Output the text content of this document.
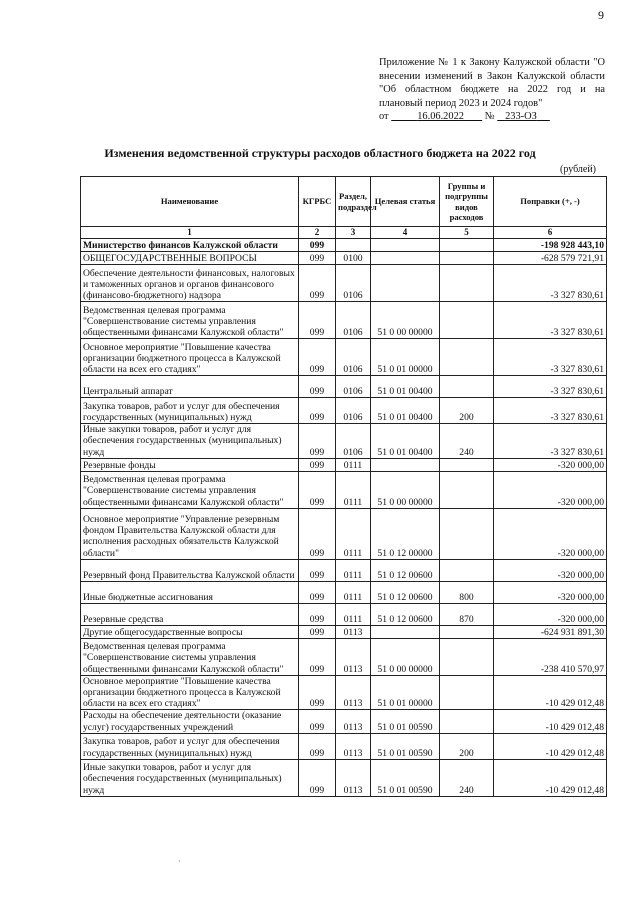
9
Приложение № 1 к Закону Калужской области "О внесении изменений в Закон Калужской области "Об областном бюджете на 2022 год и на плановый период 2023 и 2024 годов"
от	16.06.2022 № 233-ОЗ
Изменения ведомственной структуры расходов областного бюджета на 2022 год
(рублей)
Наименование	КГРБС	Раздел, подраздел	Целевая статья	Группы и подгруппы видов расходов	Поправки (+, -)
1	2	3	4	5	6
Министерство финансов Калужской области	099				-198 928 443,10
ОБЩЕГОСУДАРСТВЕННЫЕ ВОПРОСЫ	099	0100			-628 579 721,91
Обеспечение деятельности финансовых, налоговых и таможенных органов и органов финансового (финансово-бюджетного) надзора	099	0106			-3 327 830,61
Ведомственная целевая программа "Совершенствование системы управления общественными финансами Калужской области"	099	0106	51 0 00 00000		-3 327 830,61
Основное мероприятие "Повышение качества организации бюджетного процесса в Калужской области на всех его стадиях"	099	0106	51 0 01 00000		-3 327 830,61
Центральный аппарат	099	0106	51 0 01 00400		-3 327 830,61
Закупка товаров, работ и услуг для обеспечения государственных (муниципальных) нужд	099	0106	51 0 01 00400	200	-3 327 830,61
Иные закупки товаров, работ и услуг для обеспечения государственных (муниципальных) нужд	099	0106	51 0 01 00400	240	-3 327 830,61
Резервные фонды	099	0111			-320 000,00
Ведомственная целевая программа "Совершенствование системы управления общественными финансами Калужской области"	099	0111	51 0 00 00000		-320 000,00
Основное мероприятие "Управление резервным фондом Правительства Калужской области для исполнения расходных обязательств Калужской области"	099	0111	51 0 12 00000		-320 000,00
Резервный фонд Правительства Калужской области	099	0111	51 0 12 00600		-320 000,00
Иные бюджетные ассигнования	099	0111	51 0 12 00600	800	-320 000,00
Резервные средства	099	0111	51 0 12 00600	870	-320 000,00
Другие общегосударственные вопросы	099	0113			-624 931 891,30
Ведомственная целевая программа "Совершенствование системы управления общественными финансами Калужской области"	099	0113	51 0 00 00000		-238 410 570,97
Основное мероприятие "Повышение качества организации бюджетного процесса в Калужской области на всех его стадиях"	099	0113	51 0 01 00000		-10 429 012,48
Расходы на обеспечение деятельности (оказание услуг) государственных учреждений	099	0113	51 0 01 00590		-10 429 012,48
Закупка товаров, работ и услуг для обеспечения государственных (муниципальных) нужд	099	0113	51 0 01 00590	200	-10 429 012,48
Иные закупки товаров, работ и услуг для обеспечения государственных (муниципальных) нужд	099	0113	51 0 01 00590	240	-10 429 012,48
·
